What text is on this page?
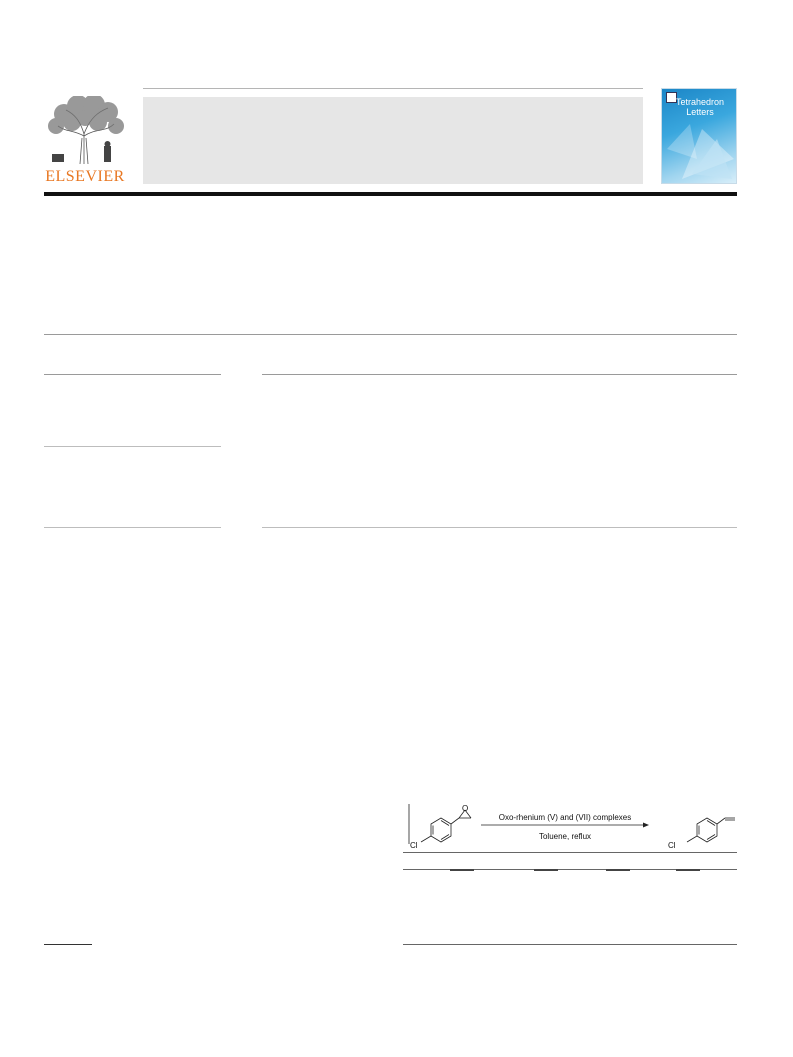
ELSEVIER
Tetrahedron Letters
O
Cl
Oxo-rhenium (V) and (VII) complexes
Toluene, reflux
Cl
